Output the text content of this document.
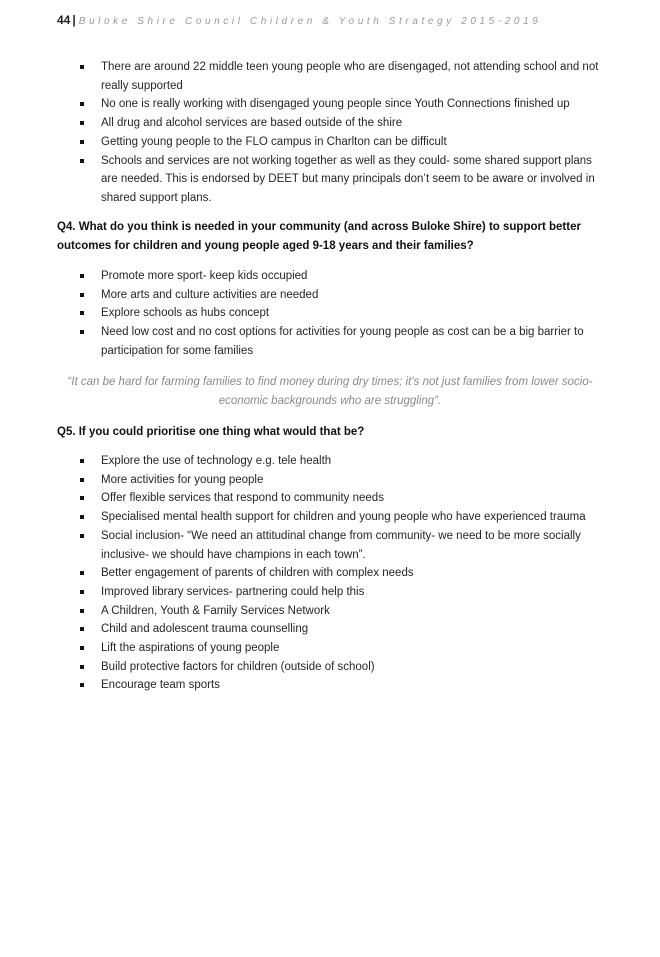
44 | Buloke Shire Council Children & Youth Strategy 2015-2019
There are around 22 middle teen young people who are disengaged, not attending school and not really supported
No one is really working with disengaged young people since Youth Connections finished up
All drug and alcohol services are based outside of the shire
Getting young people to the FLO campus in Charlton can be difficult
Schools and services are not working together as well as they could- some shared support plans are needed. This is endorsed by DEET but many principals don’t seem to be aware or involved in shared support plans.
Q4. What do you think is needed in your community (and across Buloke Shire) to support better outcomes for children and young people aged 9-18 years and their families?
Promote more sport- keep kids occupied
More arts and culture activities are needed
Explore schools as hubs concept
Need low cost and no cost options for activities for young people as cost can be a big barrier to participation for some families
“It can be hard for farming families to find money during dry times; it’s not just families from lower socio-economic backgrounds who are struggling”.
Q5. If you could prioritise one thing what would that be?
Explore the use of technology e.g. tele health
More activities for young people
Offer flexible services that respond to community needs
Specialised mental health support for children and young people who have experienced trauma
Social inclusion- “We need an attitudinal change from community- we need to be more socially inclusive- we should have champions in each town”.
Better engagement of parents of children with complex needs
Improved library services- partnering could help this
A Children, Youth & Family Services Network
Child and adolescent trauma counselling
Lift the aspirations of young people
Build protective factors for children (outside of school)
Encourage team sports
